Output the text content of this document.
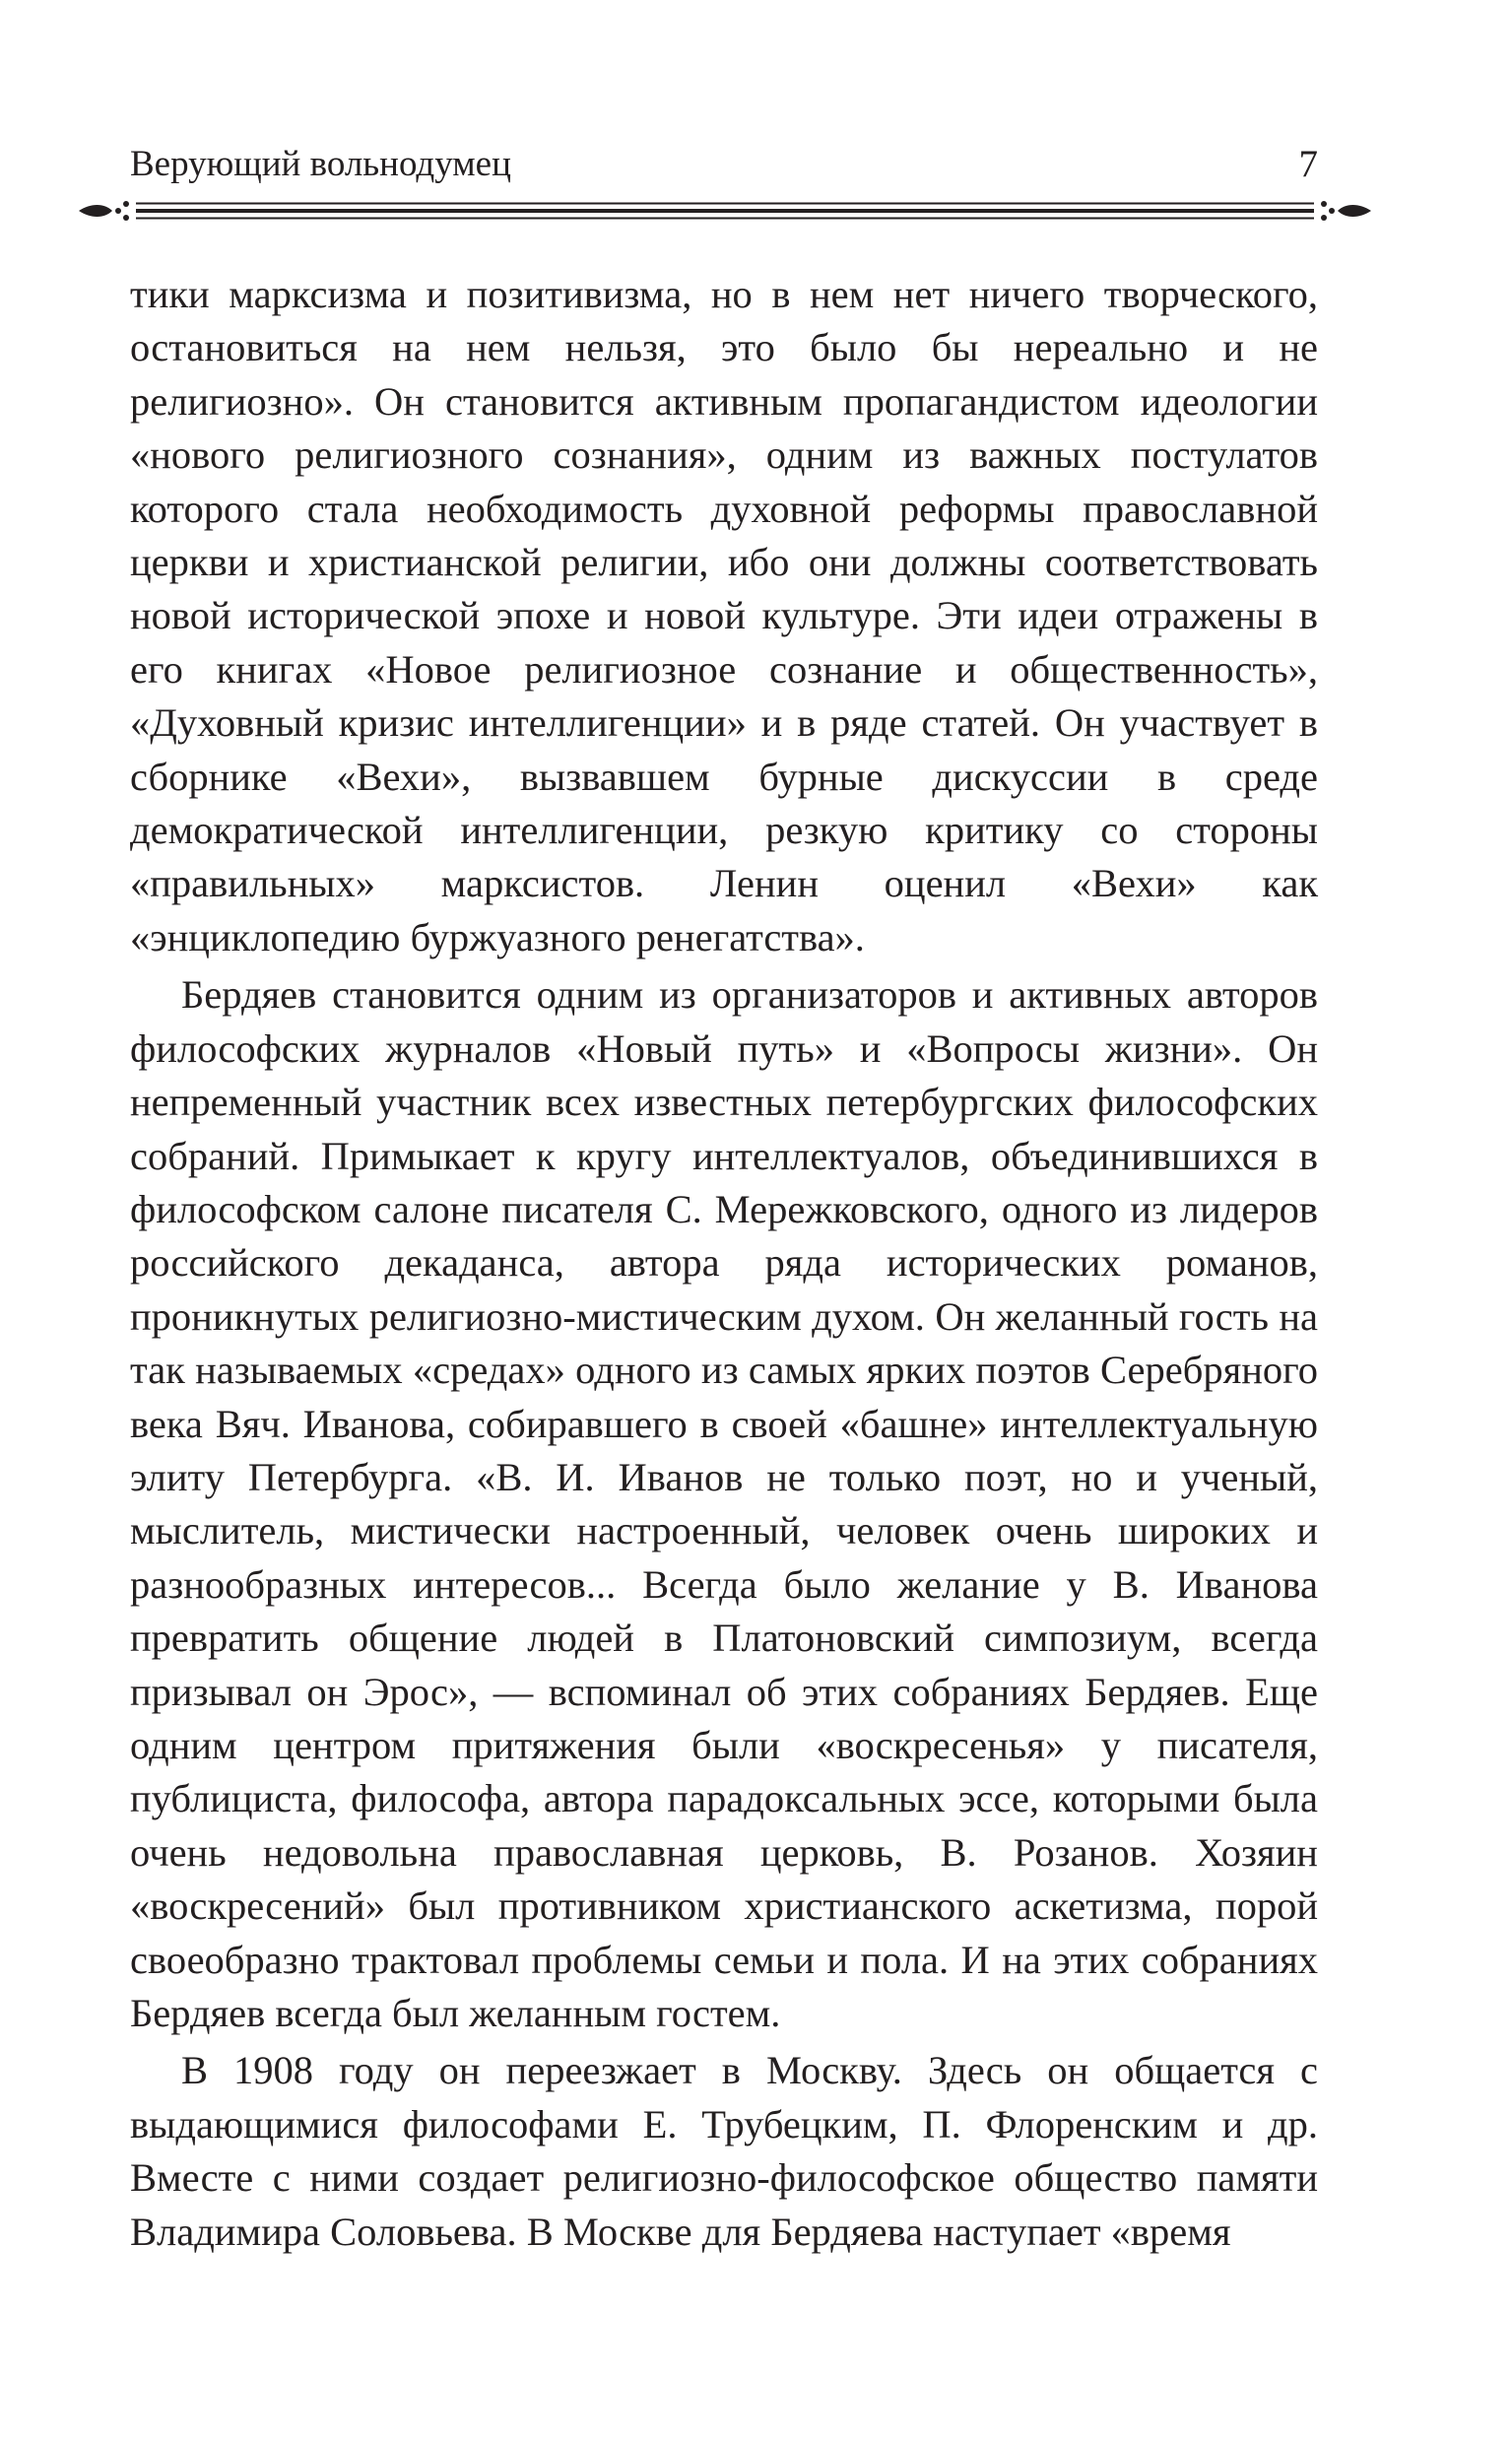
Верующий вольнодумец	7

тики марксизма и позитивизма, но в нем нет ничего творческого, остановиться на нем нельзя, это было бы нереально и не религиозно». Он становится активным пропагандистом идеологии «нового религиозного сознания», одним из важных постулатов которого стала необходимость духовной реформы православной церкви и христианской религии, ибо они должны соответствовать новой исторической эпохе и новой культуре. Эти идеи отражены в его книгах «Новое религиозное сознание и общественность», «Духовный кризис интеллигенции» и в ряде статей. Он участвует в сборнике «Вехи», вызвавшем бурные дискуссии в среде демократической интеллигенции, резкую критику со стороны «правильных» марксистов. Ленин оценил «Вехи» как «энциклопедию буржуазного ренегатства».

Бердяев становится одним из организаторов и активных авторов философских журналов «Новый путь» и «Вопросы жизни». Он непременный участник всех известных петербургских философских собраний. Примыкает к кругу интеллектуалов, объединившихся в философском салоне писателя С. Мережковского, одного из лидеров российского декаданса, автора ряда исторических романов, проникнутых религиозно-мистическим духом. Он желанный гость на так называемых «средах» одного из самых ярких поэтов Серебряного века Вяч. Иванова, собиравшего в своей «башне» интеллектуальную элиту Петербурга. «В. И. Иванов не только поэт, но и ученый, мыслитель, мистически настроенный, человек очень широких и разнообразных интересов... Всегда было желание у В. Иванова превратить общение людей в Платоновский симпозиум, всегда призывал он Эрос», — вспоминал об этих собраниях Бердяев. Еще одним центром притяжения были «воскресенья» у писателя, публициста, философа, автора парадоксальных эссе, которыми была очень недовольна православная церковь, В. Розанов. Хозяин «воскресений» был противником христианского аскетизма, порой своеобразно трактовал проблемы семьи и пола. И на этих собраниях Бердяев всегда был желанным гостем.

В 1908 году он переезжает в Москву. Здесь он общается с выдающимися философами Е. Трубецким, П. Флоренским и др. Вместе с ними создает религиозно-философское общество памяти Владимира Соловьева. В Москве для Бердяева наступает «время
